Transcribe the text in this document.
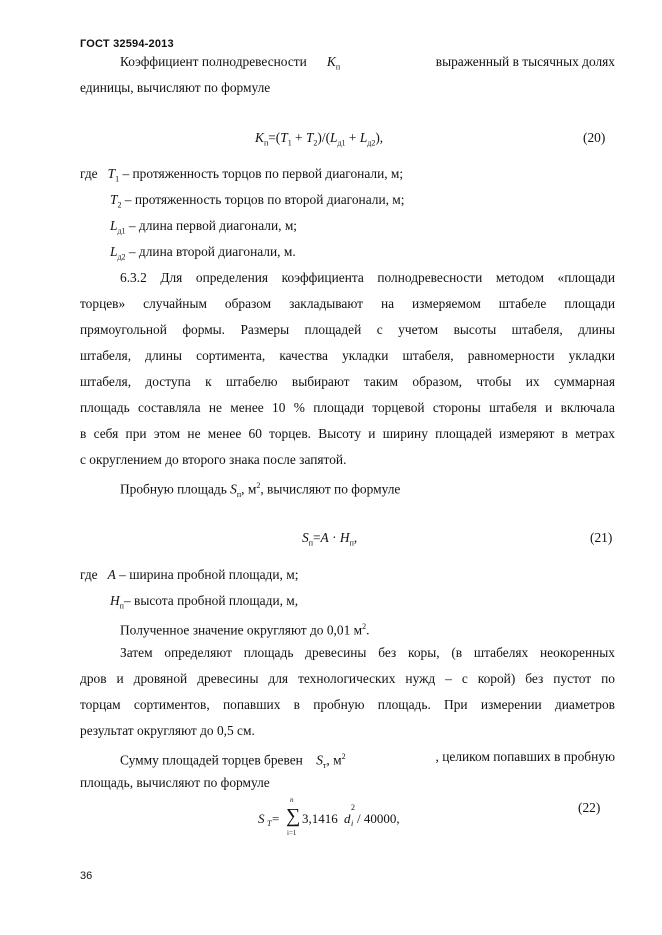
ГОСТ 32594-2013
Коэффициент полнодревесности $K_п$	выраженный в тысячных долях
единицы, вычисляют по формуле
$K_п=(T_1 + T_2)/(L_{д1} + L_{д2})$,	(20)
где $T_1$ – протяженность торцов по первой диагонали, м;
$T_2$ – протяженность торцов по второй диагонали, м;
$L_{д1}$ – длина первой диагонали, м;
$L_{д2}$ – длина второй диагонали, м.
6.3.2 Для определения коэффициента полнодревесности методом «площади
торцев» случайным образом закладывают на измеряемом штабеле площади
прямоугольной формы. Размеры площадей с учетом высоты штабеля, длины
штабеля, длины сортимента, качества укладки штабеля, равномерности укладки
штабеля, доступа к штабелю выбирают таким образом, чтобы их суммарная
площадь составляла не менее 10 % площади торцевой стороны штабеля и включала
в себя при этом не менее 60 торцев. Высоту и ширину площадей измеряют в метрах
с округлением до второго знака после запятой.
Пробную площадь $S_п$, $м^2$, вычисляют по формуле
$S_п=A \cdot H_п$,	(21)
где A – ширина пробной площади, м;
$H_п-$ высота пробной площади, м,
Полученное значение округляют до 0,01 $м^2$.
Затем определяют площадь древесины без коры, (в штабелях неокоренных
дров и дровяной древесины для технологических нужд – с корой) без пустот по
торцам сортиментов, попавших в пробную площадь. При измерении диаметров
результат округляют до 0,5 см.
Сумму площадей торцев бревен $S_т$, $м^2$	, целиком попавших в пробную
площадь, вычисляют по формуле
S T = ∑
n
i=1
3,1416 d
2
i / 40000,
(22)
36
